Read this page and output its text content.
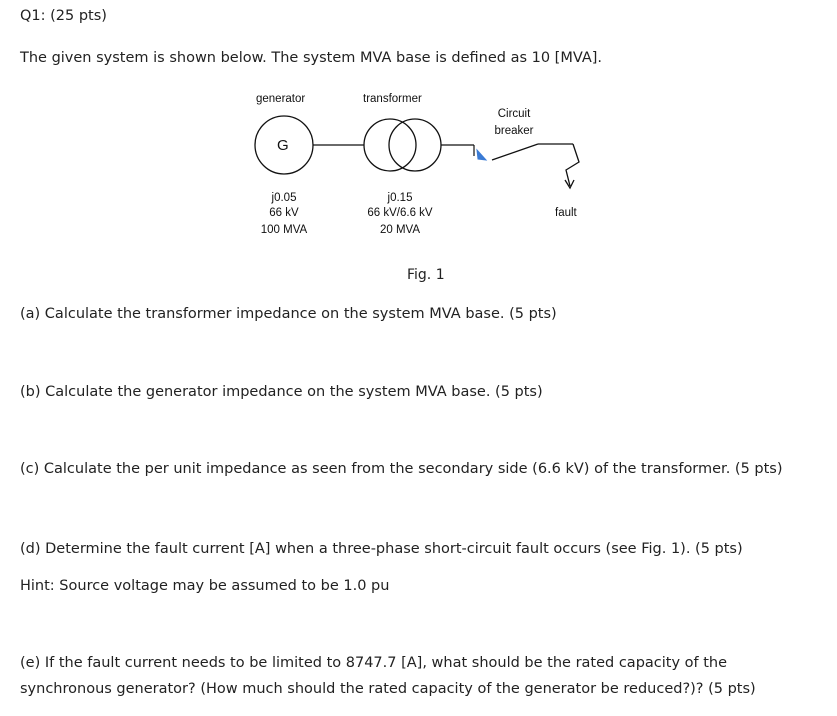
Q1: (25 pts)
The given system is shown below. The system MVA base is defined as 10 [MVA].
generator	transformer
G
Circuit
breaker
j0.05
66 kV
100 MVA
j0.15
66 kV/6.6 kV
20 MVA
fault
Fig. 1
(a) Calculate the transformer impedance on the system MVA base. (5 pts)
(b) Calculate the generator impedance on the system MVA base. (5 pts)
(c) Calculate the per unit impedance as seen from the secondary side (6.6 kV) of the transformer. (5 pts)
(d) Determine the fault current [A] when a three-phase short-circuit fault occurs (see Fig. 1). (5 pts)
Hint: Source voltage may be assumed to be 1.0 pu
(e) If the fault current needs to be limited to 8747.7 [A], what should be the rated capacity of the
synchronous generator? (How much should the rated capacity of the generator be reduced?)? (5 pts)
